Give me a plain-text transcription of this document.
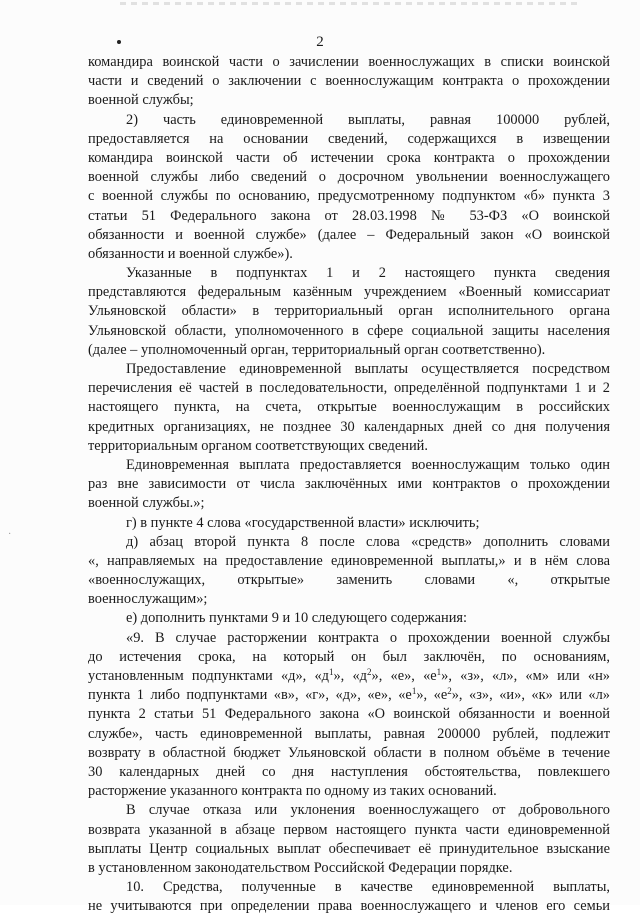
2
·
командира воинской части о зачислении военнослужащих в списки воинской
части и сведений о заключении с военнослужащим контракта о прохождении
военной службы;
2) часть единовременной выплаты, равная 100000 рублей,
предоставляется на основании сведений, содержащихся в извещении
командира воинской части об истечении срока контракта о прохождении
военной службы либо сведений о досрочном увольнении военнослужащего
с военной службы по основанию, предусмотренному подпунктом «б» пункта 3
статьи 51 Федерального закона от 28.03.1998 № 53-ФЗ «О воинской
обязанности и военной службе» (далее – Федеральный закон «О воинской
обязанности и военной службе»).
Указанные в подпунктах 1 и 2 настоящего пункта сведения
представляются федеральным казённым учреждением «Военный комиссариат
Ульяновской области» в территориальный орган исполнительного органа
Ульяновской области, уполномоченного в сфере социальной защиты населения
(далее – уполномоченный орган, территориальный орган соответственно).
Предоставление единовременной выплаты осуществляется посредством
перечисления её частей в последовательности, определённой подпунктами 1 и 2
настоящего пункта, на счета, открытые военнослужащим в российских
кредитных организациях, не позднее 30 календарных дней со дня получения
территориальным органом соответствующих сведений.
Единовременная выплата предоставляется военнослужащим только один
раз вне зависимости от числа заключённых ими контрактов о прохождении
военной службы.»;
г) в пункте 4 слова «государственной власти» исключить;
д) абзац второй пункта 8 после слова «средств» дополнить словами
«, направляемых на предоставление единовременной выплаты,» и в нём слова
«военнослужащих, открытые» заменить словами «, открытые
военнослужащим»;
е) дополнить пунктами 9 и 10 следующего содержания:
«9. В случае расторжении контракта о прохождении военной службы
до истечения срока, на который он был заключён, по основаниям,
установленным подпунктами «д», «$д^1$», «$д^2$», «е», «$е^1$», «з», «л», «м» или «н»
пункта 1 либо подпунктами «в», «г», «д», «е», «$е^1$», «$е^2$», «з», «и», «к» или «л»
пункта 2 статьи 51 Федерального закона «О воинской обязанности и военной
службе», часть единовременной выплаты, равная 200000 рублей, подлежит
возврату в областной бюджет Ульяновской области в полном объёме в течение
30 календарных дней со дня наступления обстоятельства, повлекшего
расторжение указанного контракта по одному из таких оснований.
В случае отказа или уклонения военнослужащего от добровольного
возврата указанной в абзаце первом настоящего пункта части единовременной
выплаты Центр социальных выплат обеспечивает её принудительное взыскание
в установленном законодательством Российской Федерации порядке.
10. Средства, полученные в качестве единовременной выплаты,
не учитываются при определении права военнослужащего и членов его семьи
